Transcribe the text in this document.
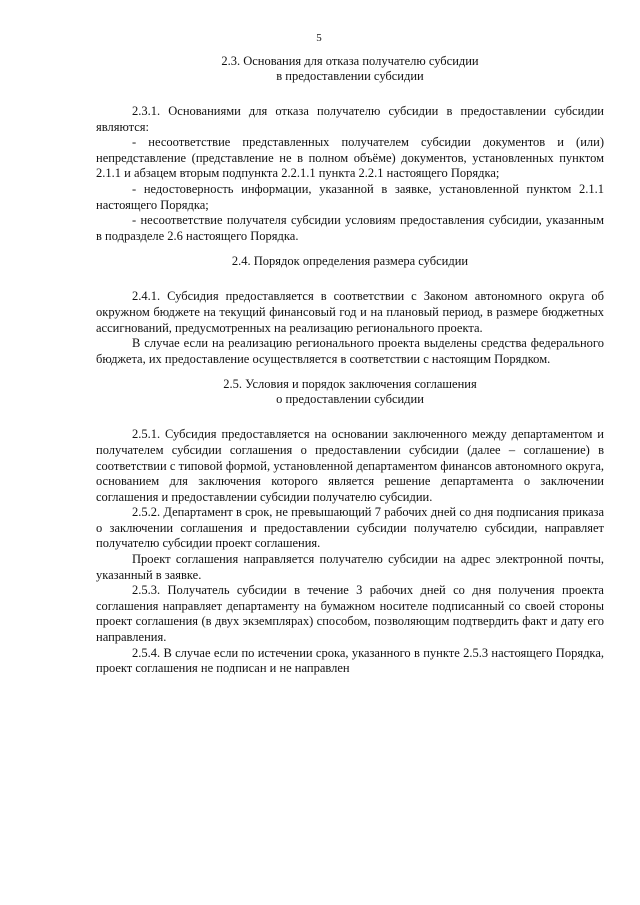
5
2.3. Основания для отказа получателю субсидии
в предоставлении субсидии

2.3.1. Основаниями для отказа получателю субсидии в предоставлении субсидии являются:

- несоответствие представленных получателем субсидии документов и (или) непредставление (представление не в полном объёме) документов, установленных пунктом 2.1.1 и абзацем вторым подпункта 2.2.1.1 пункта 2.2.1 настоящего Порядка;

- недостоверность информации, указанной в заявке, установленной пунктом 2.1.1 настоящего Порядка;

- несоответствие получателя субсидии условиям предоставления субсидии, указанным в подразделе 2.6 настоящего Порядка.

2.4. Порядок определения размера субсидии

2.4.1. Субсидия предоставляется в соответствии с Законом автономного округа об окружном бюджете на текущий финансовый год и на плановый период, в размере бюджетных ассигнований, предусмотренных на реализацию регионального проекта.

В случае если на реализацию регионального проекта выделены средства федерального бюджета, их предоставление осуществляется в соответствии с настоящим Порядком.

2.5. Условия и порядок заключения соглашения
о предоставлении субсидии

2.5.1. Субсидия предоставляется на основании заключенного между департаментом и получателем субсидии соглашения о предоставлении субсидии (далее – соглашение) в соответствии с типовой формой, установленной департаментом финансов автономного округа, основанием для заключения которого является решение департамента о заключении соглашения и предоставлении субсидии получателю субсидии.

2.5.2. Департамент в срок, не превышающий 7 рабочих дней со дня подписания приказа о заключении соглашения и предоставлении субсидии получателю субсидии, направляет получателю субсидии проект соглашения.

Проект соглашения направляется получателю субсидии на адрес электронной почты, указанный в заявке.

2.5.3. Получатель субсидии в течение 3 рабочих дней со дня получения проекта соглашения направляет департаменту на бумажном носителе подписанный со своей стороны проект соглашения (в двух экземплярах) способом, позволяющим подтвердить факт и дату его направления.

2.5.4. В случае если по истечении срока, указанного в пункте 2.5.3 настоящего Порядка, проект соглашения не подписан и не направлен
